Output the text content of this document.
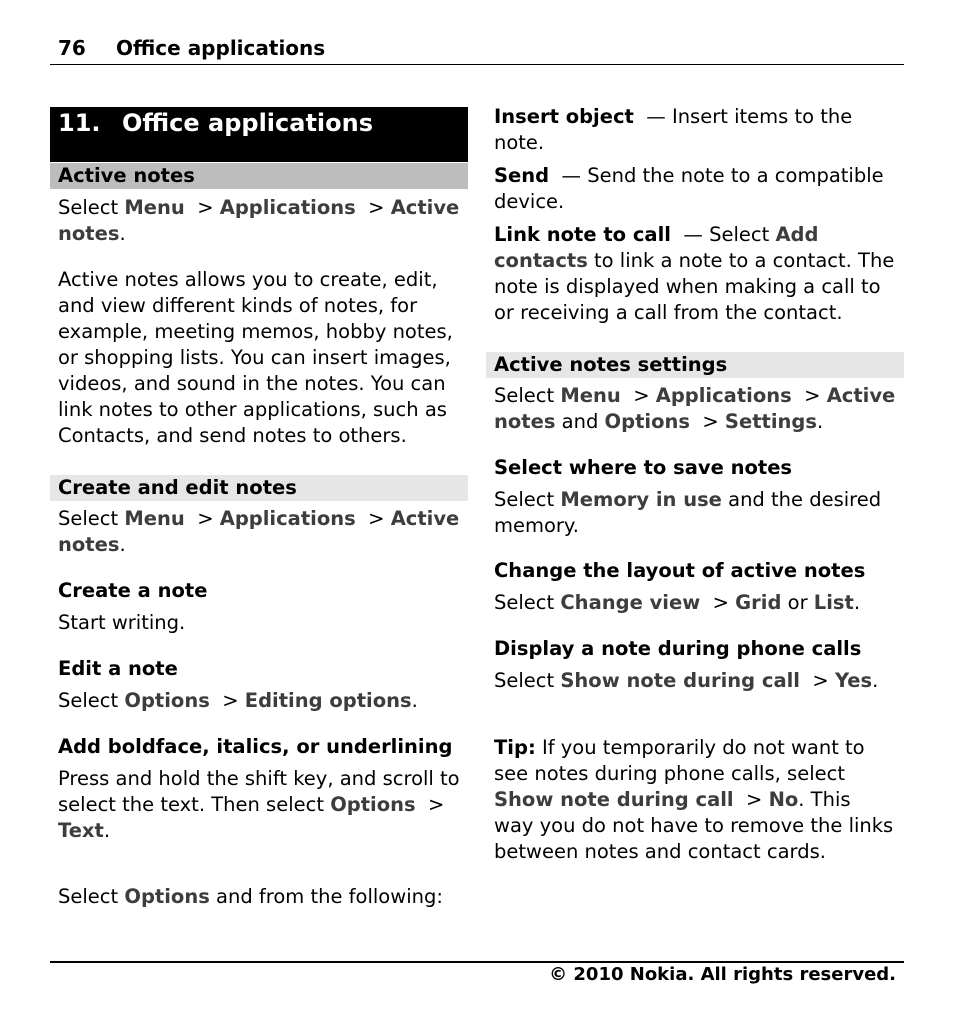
76 Office applications
11. Office applications
Active notes
Select Menu > Applications > Active notes.
Active notes allows you to create, edit, and view different kinds of notes, for example, meeting memos, hobby notes, or shopping lists. You can insert images, videos, and sound in the notes. You can link notes to other applications, such as Contacts, and send notes to others.
Create and edit notes
Select Menu > Applications > Active notes.
Create a note
Start writing.
Edit a note
Select Options > Editing options.
Add boldface, italics, or underlining
Press and hold the shift key, and scroll to select the text. Then select Options > Text.
Select Options and from the following:
Insert object — Insert items to the note.
Send — Send the note to a compatible device.
Link note to call — Select Add contacts to link a note to a contact. The note is displayed when making a call to or receiving a call from the contact.
Active notes settings
Select Menu > Applications > Active notes and Options > Settings.
Select where to save notes
Select Memory in use and the desired memory.
Change the layout of active notes
Select Change view > Grid or List.
Display a note during phone calls
Select Show note during call > Yes.
Tip: If you temporarily do not want to see notes during phone calls, select Show note during call > No. This way you do not have to remove the links between notes and contact cards.
© 2010 Nokia. All rights reserved.
